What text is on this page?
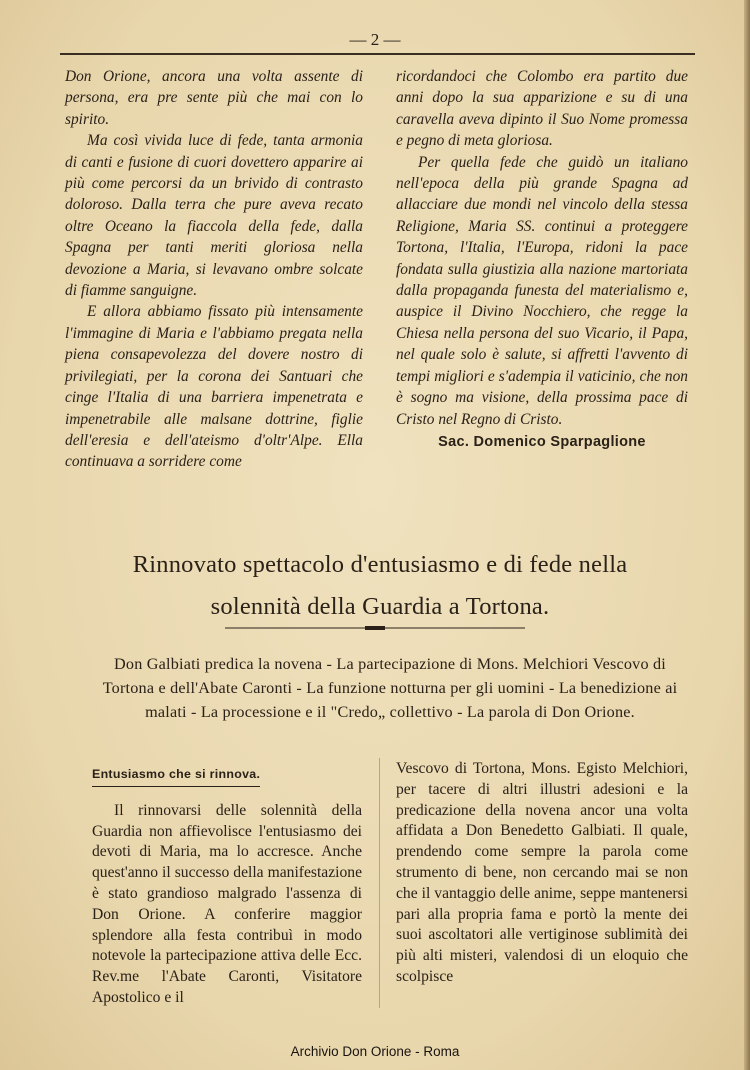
— 2 —

Don Orione, ancora una volta assente di persona, era pre sente più che mai con lo spirito.

Ma così vivida luce di fede, tanta armonia di canti e fusione di cuori dovettero apparire ai più come percorsi da un brivido di contrasto doloroso. Dalla terra che pure aveva recato oltre Oceano la fiaccola della fede, dalla Spagna per tanti meriti gloriosa nella devozione a Maria, si levavano ombre solcate di fiamme sanguigne.

E allora abbiamo fissato più intensamente l'immagine di Maria e l'abbiamo pregata nella piena consapevolezza del dovere nostro di privilegiati, per la corona dei Santuari che cinge l'Italia di una barriera impenetrata e impenetrabile alle malsane dottrine, figlie dell'eresia e dell'ateismo d'oltr'Alpe. Ella continuava a sorridere come

ricordandoci che Colombo era partito due anni dopo la sua apparizione e su di una caravella aveva dipinto il Suo Nome promessa e pegno di meta gloriosa.

Per quella fede che guidò un italiano nell'epoca della più grande Spagna ad allacciare due mondi nel vincolo della stessa Religione, Maria SS. continui a proteggere Tortona, l'Italia, l'Europa, ridoni la pace fondata sulla giustizia alla nazione martoriata dalla propaganda funesta del materialismo e, auspice il Divino Nocchiero, che regge la Chiesa nella persona del suo Vicario, il Papa, nel quale solo è salute, si affretti l'avvento di tempi migliori e s'adempia il vaticinio, che non è sogno ma visione, della prossima pace di Cristo nel Regno di Cristo.

Sac. Domenico Sparpaglione
Rinnovato spettacolo d'entusiasmo e di fede nella
solennità della Guardia a Tortona.
Don Galbiati predica la novena - La partecipazione di Mons. Melchiori Vescovo di Tortona e dell'Abate Caronti - La funzione notturna per gli uomini - La benedizione ai malati - La processione e il "Credo„ collettivo - La parola di Don Orione.
Entusiasmo che si rinnova.

Il rinnovarsi delle solennità della Guardia non affievolisce l'entusiasmo dei devoti di Maria, ma lo accresce. Anche quest'anno il successo della manifestazione è stato grandioso malgrado l'assenza di Don Orione. A conferire maggior splendore alla festa contribuì in modo notevole la partecipazione attiva delle Ecc. Rev.me l'Abate Caronti, Visitatore Apostolico e il

Vescovo di Tortona, Mons. Egisto Melchiori, per tacere di altri illustri adesioni e la predicazione della novena ancor una volta affidata a Don Benedetto Galbiati. Il quale, prendendo come sempre la parola come strumento di bene, non cercando mai se non che il vantaggio delle anime, seppe mantenersi pari alla propria fama e portò la mente dei suoi ascoltatori alle vertiginose sublimità dei più alti misteri, valendosi di un eloquio che scolpisce

Archivio Don Orione - Roma
